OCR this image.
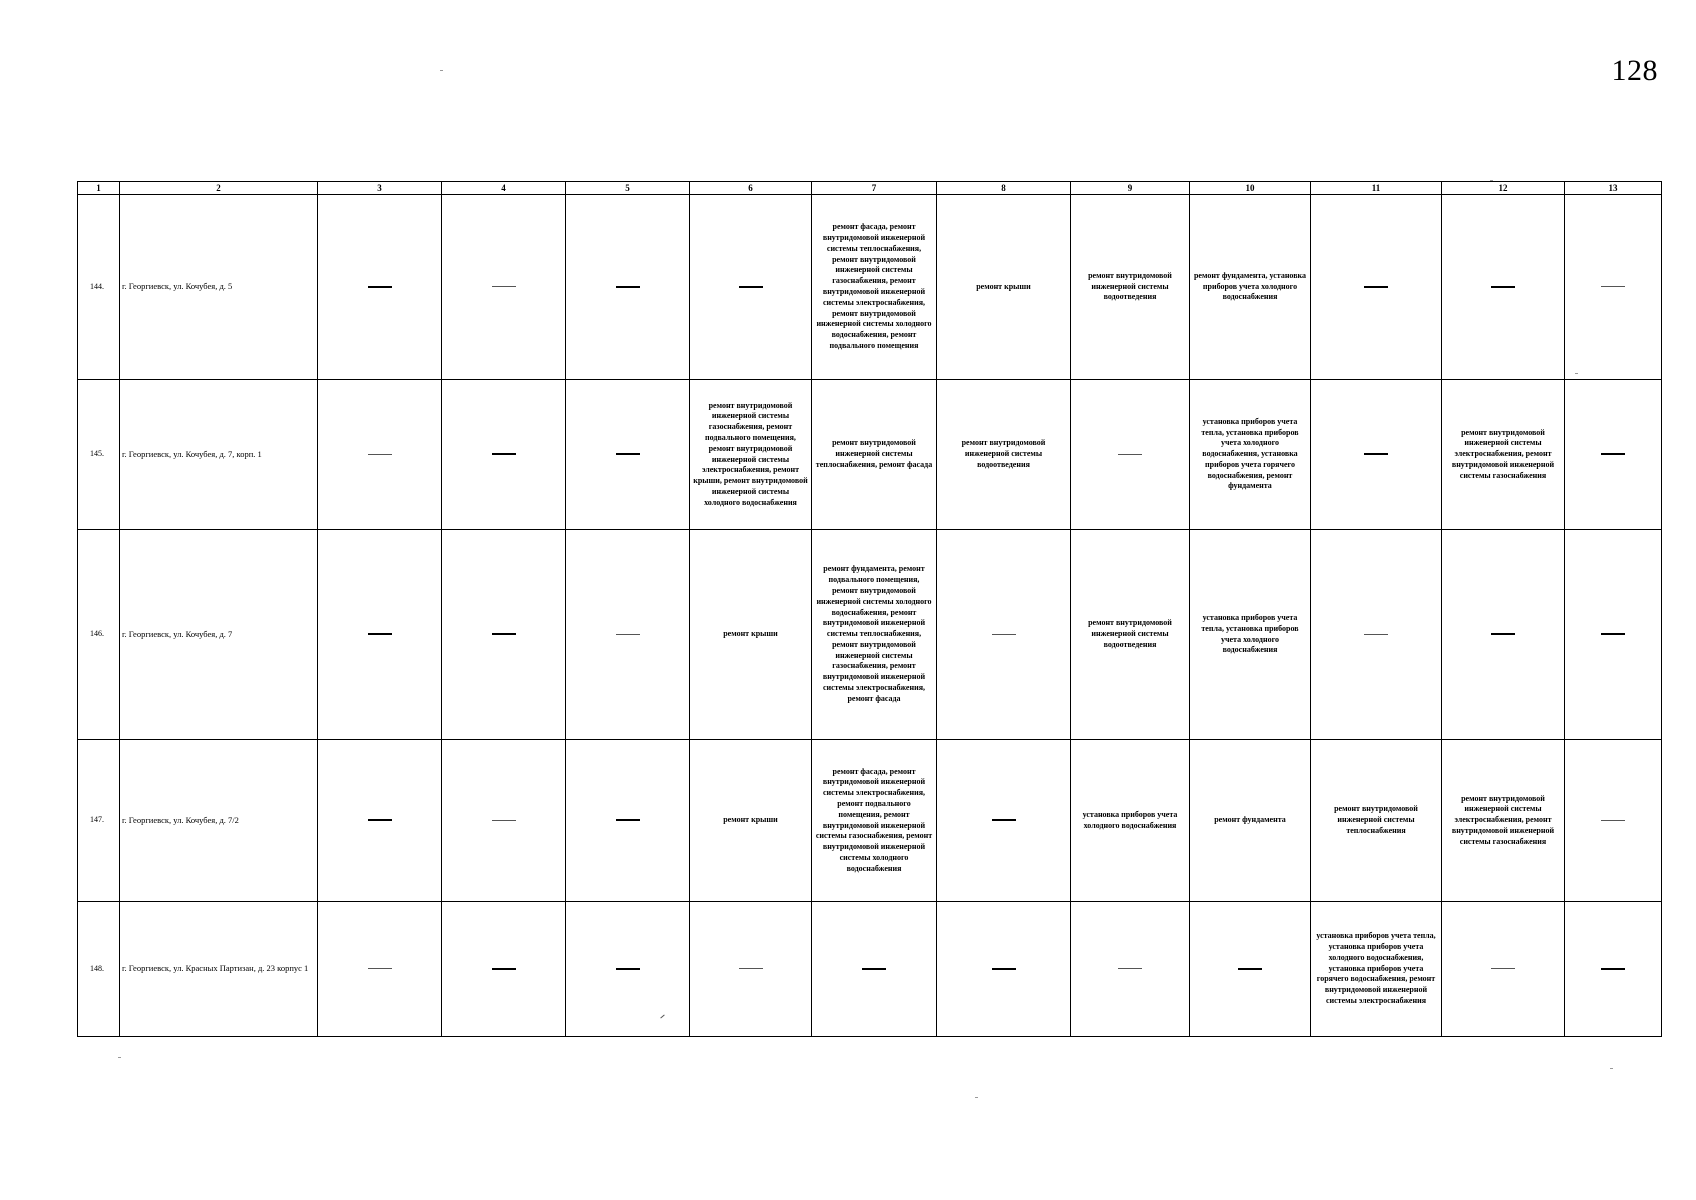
128
1	2	3	4	5	6	7	8	9	10	11	12	13
144.	г. Георгиевск, ул. Кочубея, д. 5					ремонт фасада, ремонт внутридомовой инженерной системы теплоснабжения, ремонт внутридомовой инженерной системы газоснабжения, ремонт внутридомовой инженерной системы электроснабжения, ремонт внутридомовой инженерной системы холодного водоснабжения, ремонт подвального помещения	ремонт крыши	ремонт внутридомовой инженерной системы водоотведения	ремонт фундамента, установка приборов учета холодного водоснабжения			

145.	г. Георгиевск, ул. Кочубея, д. 7, корп. 1				ремонт внутридомовой инженерной системы газоснабжения, ремонт подвального помещения, ремонт внутридомовой инженерной системы электроснабжения, ремонт крыши, ремонт внутридомовой инженерной системы холодного водоснабжения	ремонт внутридомовой инженерной системы теплоснабжения, ремонт фасада	ремонт внутридомовой инженерной системы водоотведения		установка приборов учета тепла, установка приборов учета холодного водоснабжения, установка приборов учета горячего водоснабжения, ремонт фундамента		ремонт внутридомовой инженерной системы электроснабжения, ремонт внутридомовой инженерной системы газоснабжения	

146.	г. Георгиевск, ул. Кочубея, д. 7				ремонт крыши	ремонт фундамента, ремонт подвального помещения, ремонт внутридомовой инженерной системы холодного водоснабжения, ремонт внутридомовой инженерной системы теплоснабжения, ремонт внутридомовой инженерной системы газоснабжения, ремонт внутридомовой инженерной системы электроснабжения, ремонт фасада		ремонт внутридомовой инженерной системы водоотведения	установка приборов учета тепла, установка приборов учета холодного водоснабжения			

147.	г. Георгиевск, ул. Кочубея, д. 7/2				ремонт крыши	ремонт фасада, ремонт внутридомовой инженерной системы электроснабжения, ремонт подвального помещения, ремонт внутридомовой инженерной системы газоснабжения, ремонт внутридомовой инженерной системы холодного водоснабжения		установка приборов учета холодного водоснабжения	ремонт фундамента	ремонт внутридомовой инженерной системы теплоснабжения	ремонт внутридомовой инженерной системы электроснабжения, ремонт внутридомовой инженерной системы газоснабжения	

148.	г. Георгиевск, ул. Красных Партизан, д. 23 корпус 1									установка приборов учета тепла, установка приборов учета холодного водоснабжения, установка приборов учета горячего водоснабжения, ремонт внутридомовой инженерной системы электроснабжения		
